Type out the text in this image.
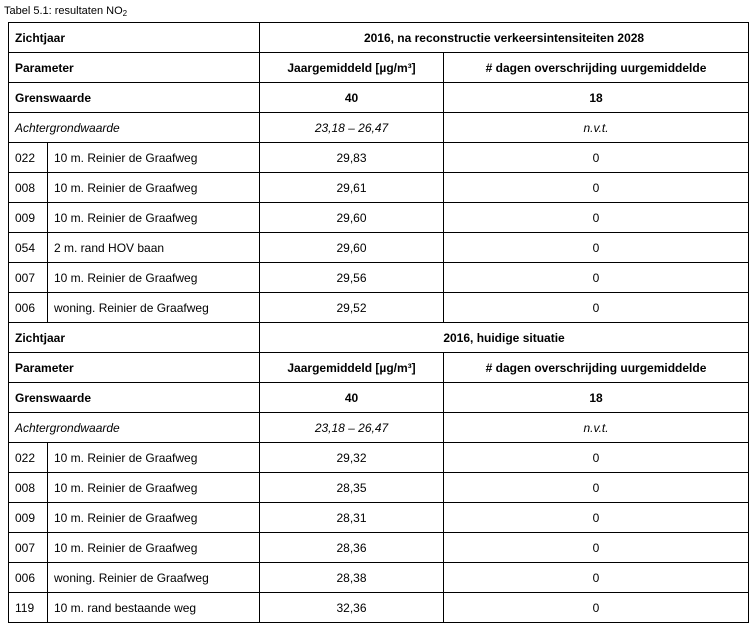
Tabel 5.1: resultaten $NO_2$
Zichtjaar		2016, na reconstructie verkeersintensiteiten 2028	
Parameter		Jaargemiddeld [µg/m³]	# dagen overschrijding uurgemiddelde
Grenswaarde		40	18
Achtergrondwaarde		23,18 – 26,47	n.v.t.
022	10 m. Reinier de Graafweg	29,83	0
008	10 m. Reinier de Graafweg	29,61	0
009	10 m. Reinier de Graafweg	29,60	0
054	2 m. rand HOV baan	29,60	0
007	10 m. Reinier de Graafweg	29,56	0
006	woning. Reinier de Graafweg	29,52	0
Zichtjaar		2016, huidige situatie	
Parameter		Jaargemiddeld [µg/m³]	# dagen overschrijding uurgemiddelde
Grenswaarde		40	18
Achtergrondwaarde		23,18 – 26,47	n.v.t.
022	10 m. Reinier de Graafweg	29,32	0
008	10 m. Reinier de Graafweg	28,35	0
009	10 m. Reinier de Graafweg	28,31	0
007	10 m. Reinier de Graafweg	28,36	0
006	woning. Reinier de Graafweg	28,38	0
119	10 m. rand bestaande weg	32,36	0
